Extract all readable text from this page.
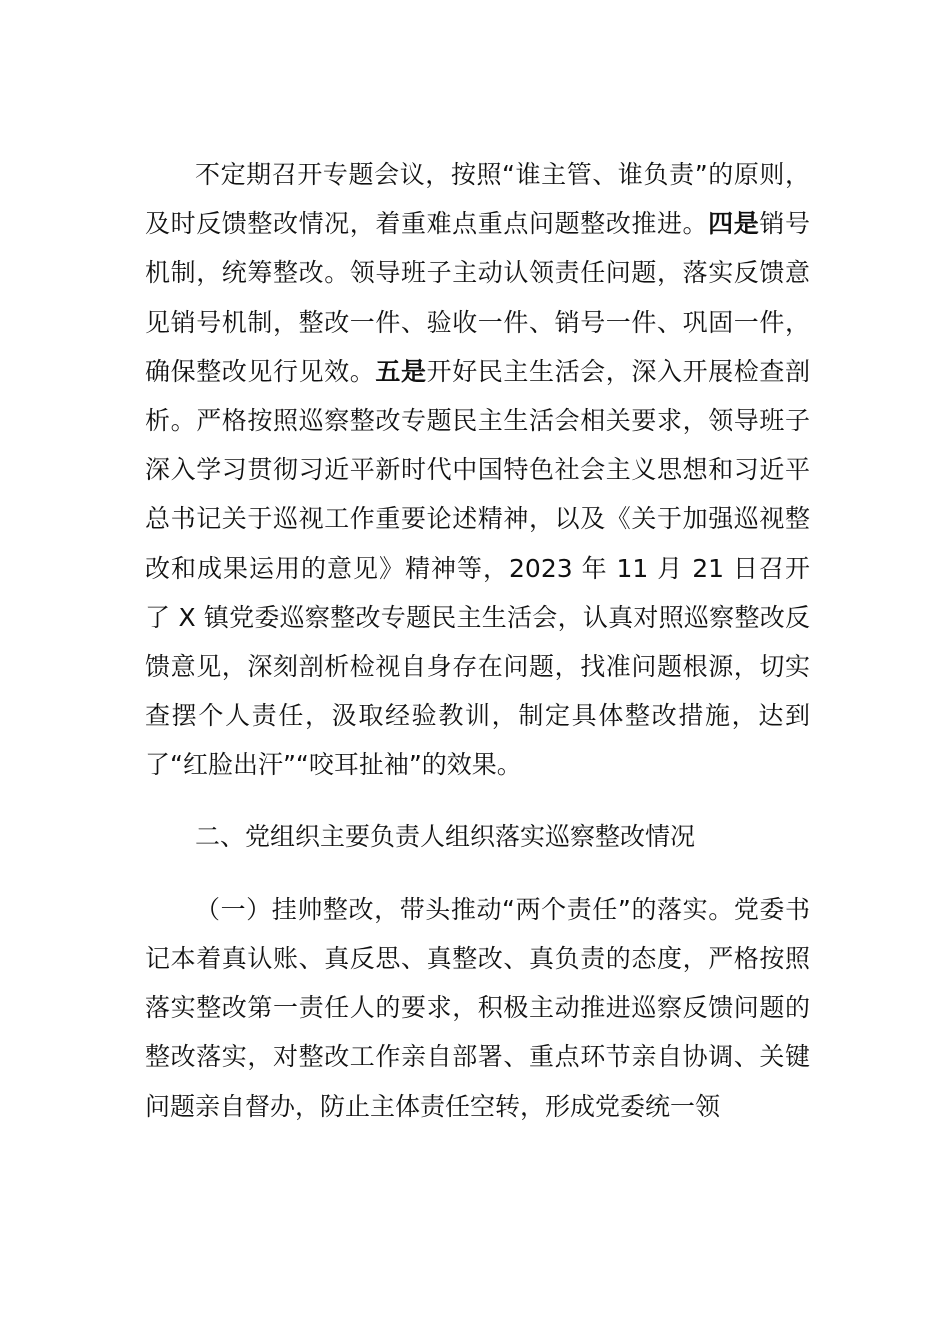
不定期召开专题会议，按照“谁主管、谁负责”的原则，及时反馈整改情况，着重难点重点问题整改推进。四是销号机制，统筹整改。领导班子主动认领责任问题，落实反馈意见销号机制，整改一件、验收一件、销号一件、巩固一件，确保整改见行见效。五是开好民主生活会，深入开展检查剖析。严格按照巡察整改专题民主生活会相关要求，领导班子深入学习贯彻习近平新时代中国特色社会主义思想和习近平总书记关于巡视工作重要论述精神，以及《关于加强巡视整改和成果运用的意见》精神等，2023 年 11 月 21 日召开了 X 镇党委巡察整改专题民主生活会，认真对照巡察整改反馈意见，深刻剖析检视自身存在问题，找准问题根源，切实查摆个人责任，汲取经验教训，制定具体整改措施，达到了“红脸出汗”“咬耳扯袖”的效果。

二、党组织主要负责人组织落实巡察整改情况

（一）挂帅整改，带头推动“两个责任”的落实。党委书记本着真认账、真反思、真整改、真负责的态度，严格按照落实整改第一责任人的要求，积极主动推进巡察反馈问题的整改落实，对整改工作亲自部署、重点环节亲自协调、关键问题亲自督办，防止主体责任空转，形成党委统一领
